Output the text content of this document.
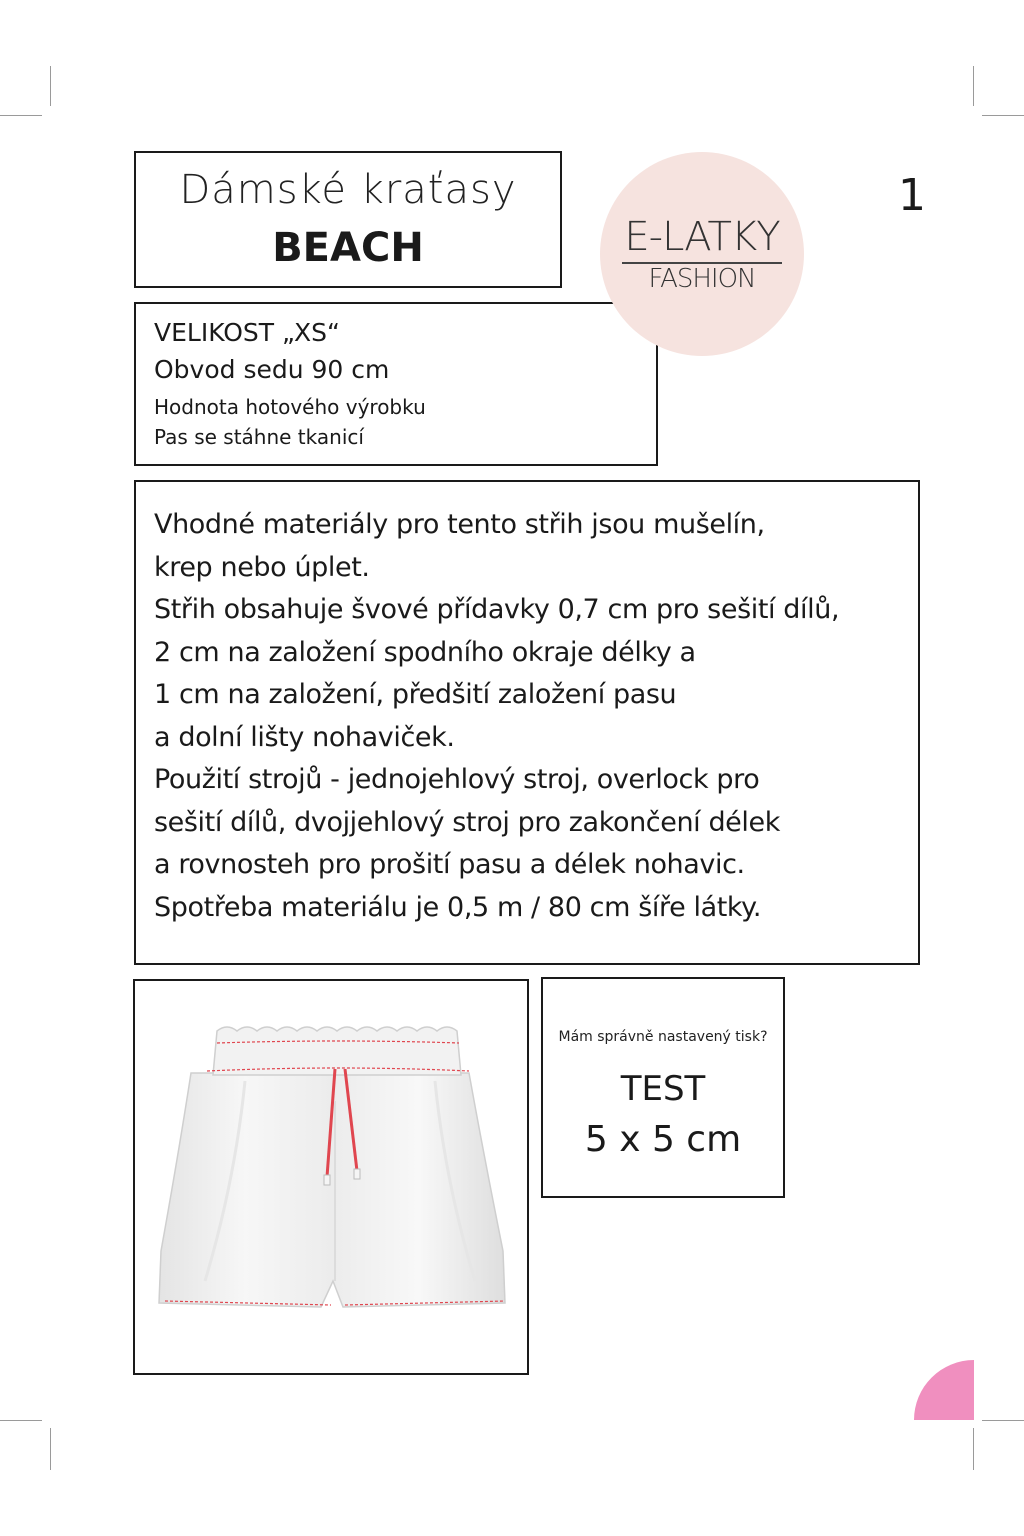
Dámské kraťasy
BEACH
1
VELIKOST „XS“
Obvod sedu 90 cm
Hodnota hotového výrobku
Pas se stáhne tkanicí
E-LATKY
FASHION
Vhodné materiály pro tento střih jsou mušelín,
krep nebo úplet.
Střih obsahuje švové přídavky 0,7 cm pro sešití dílů,
2 cm na založení spodního okraje délky a
1 cm na založení, předšití založení pasu
a dolní lišty nohaviček.
Použití strojů - jednojehlový stroj, overlock pro
sešití dílů, dvojjehlový stroj pro zakončení délek
a rovnosteh pro prošití pasu a délek nohavic.
Spotřeba materiálu je 0,5 m / 80 cm šíře látky.
Mám správně nastavený tisk?
TEST
5 x 5 cm
